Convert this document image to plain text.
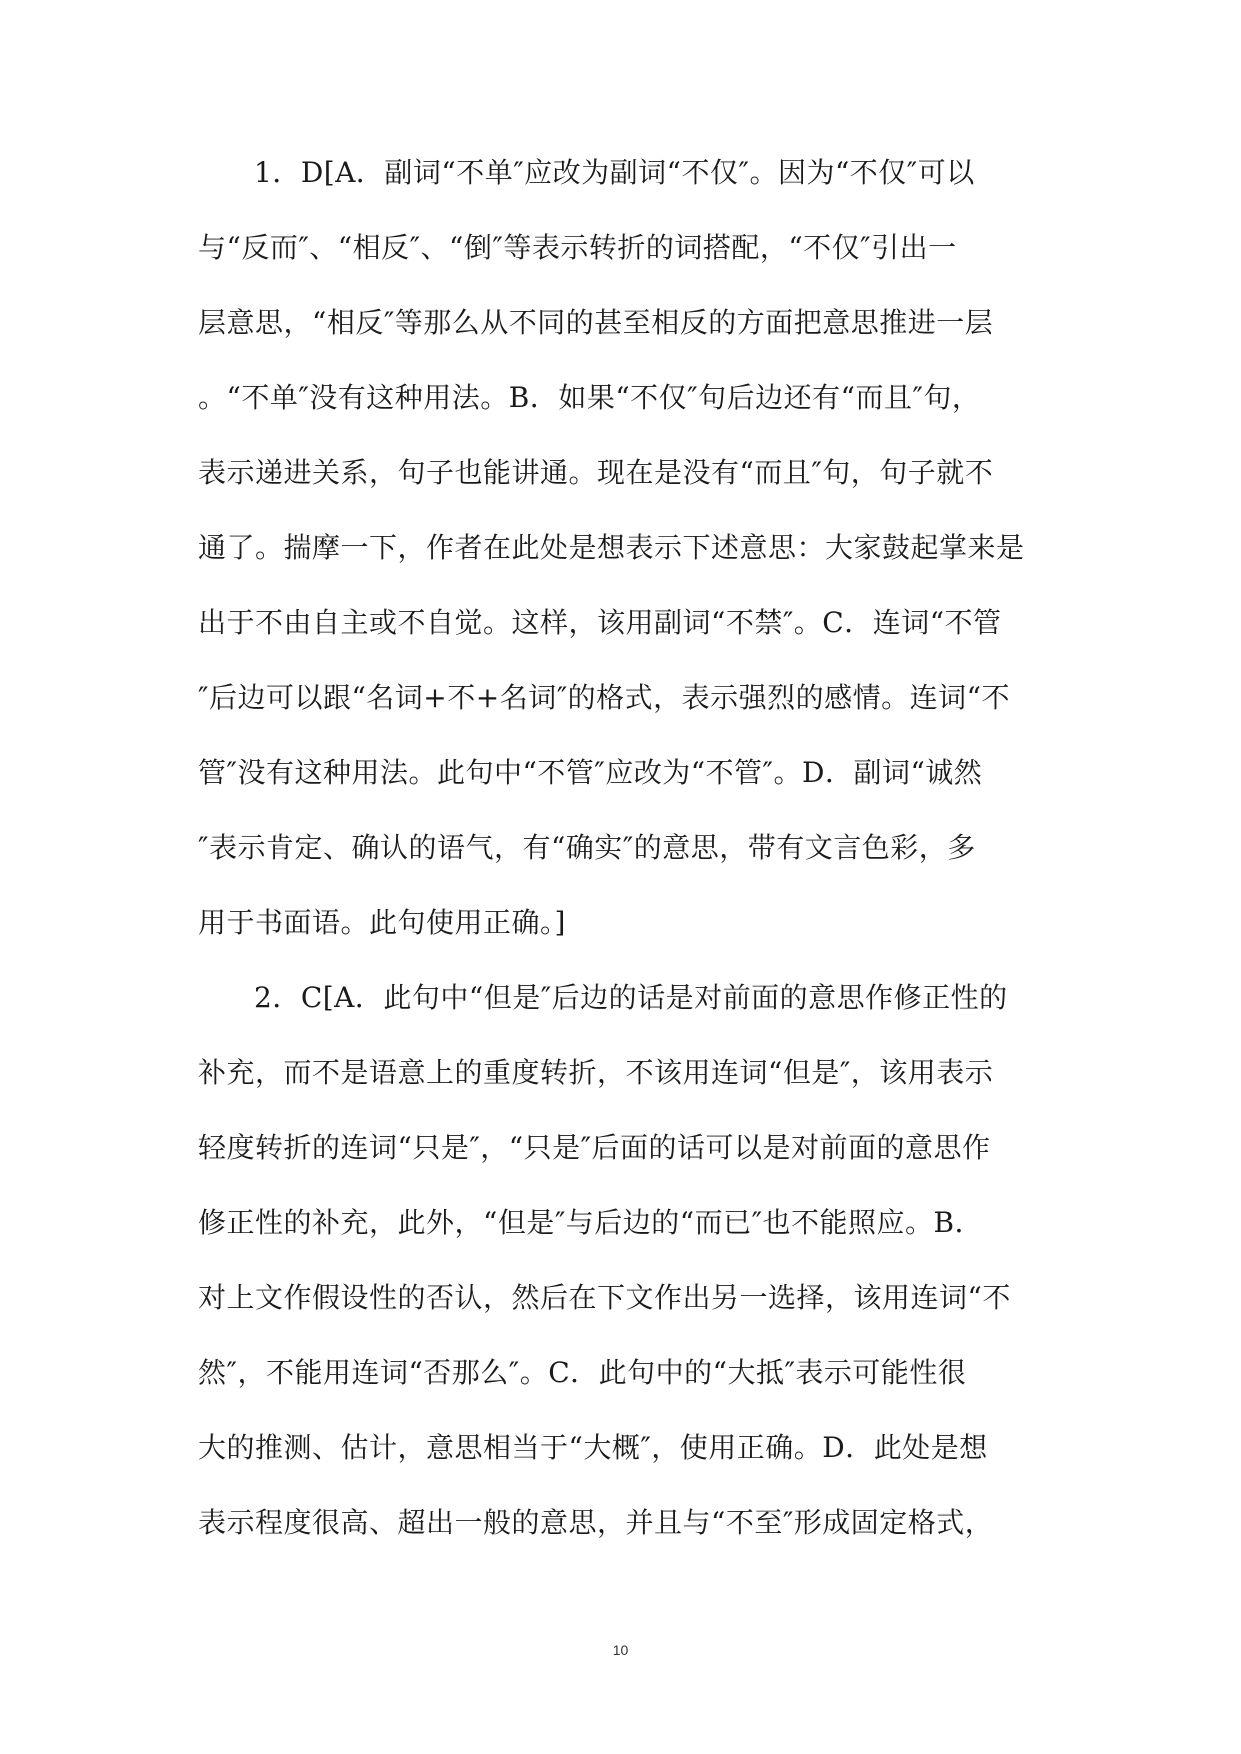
1．D[A．副词“不单″应改为副词“不仅″。因为“不仅″可以
与“反而″、“相反″、“倒″等表示转折的词搭配，“不仅″引出一
层意思，“相反″等那么从不同的甚至相反的方面把意思推进一层
。“不单″没有这种用法。B．如果“不仅″句后边还有“而且″句，
表示递进关系，句子也能讲通。现在是没有“而且″句，句子就不
通了。揣摩一下，作者在此处是想表示下述意思：大家鼓起掌来是
出于不由自主或不自觉。这样，该用副词“不禁″。C．连词“不管
″后边可以跟“名词+不+名词″的格式，表示强烈的感情。连词“不
管″没有这种用法。此句中“不管″应改为“不管″。D．副词“诚然
″表示肯定、确认的语气，有“确实″的意思，带有文言色彩，多
用于书面语。此句使用正确。]
2．C[A．此句中“但是″后边的话是对前面的意思作修正性的
补充，而不是语意上的重度转折，不该用连词“但是″，该用表示
轻度转折的连词“只是″，“只是″后面的话可以是对前面的意思作
修正性的补充，此外，“但是″与后边的“而已″也不能照应。B．
对上文作假设性的否认，然后在下文作出另一选择，该用连词“不
然″，不能用连词“否那么″。C．此句中的“大抵″表示可能性很
大的推测、估计，意思相当于“大概″，使用正确。D．此处是想
表示程度很高、超出一般的意思，并且与“不至″形成固定格式，
10
